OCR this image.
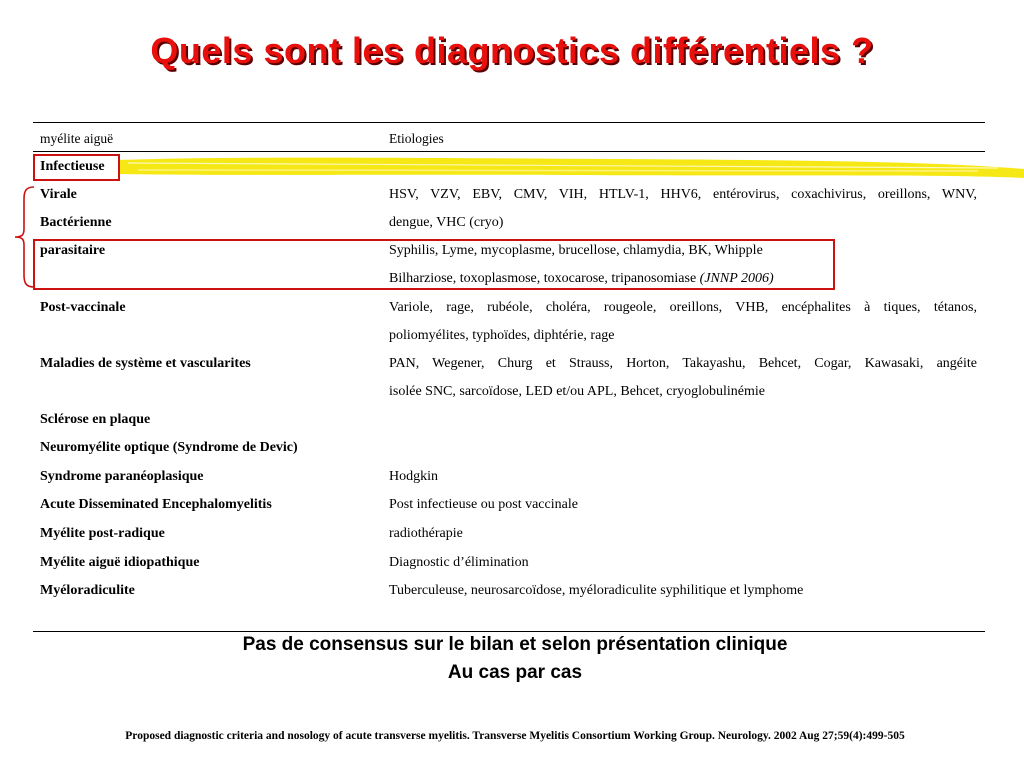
Quels sont les diagnostics différentiels ?
myélite aiguë	Etiologies
Infectieuse
Virale	HSV, VZV, EBV, CMV, VIH, HTLV-1, HHV6, entérovirus, coxachivirus, oreillons, WNV,
Bactérienne	dengue, VHC (cryo)
parasitaire	Syphilis, Lyme, mycoplasme, brucellose, chlamydia, BK, Whipple
Bilharziose, toxoplasmose, toxocarose, tripanosomiase (JNNP 2006)
Post-vaccinale	Variole, rage, rubéole, choléra, rougeole, oreillons, VHB, encéphalites à tiques, tétanos,
poliomyélites, typhoïdes, diphtérie, rage
Maladies de système et vascularites	PAN, Wegener, Churg et Strauss, Horton, Takayashu, Behcet, Cogar, Kawasaki, angéite
isolée SNC, sarcoïdose, LED et/ou APL, Behcet, cryoglobulinémie
Sclérose en plaque
Neuromyélite optique (Syndrome de Devic)
Syndrome paranéoplasique	Hodgkin
Acute Disseminated Encephalomyelitis	Post infectieuse ou post vaccinale
Myélite post-radique	radiothérapie
Myélite aiguë idiopathique	Diagnostic d’élimination
Myéloradiculite	Tuberculeuse, neurosarcoïdose, myéloradiculite syphilitique et lymphome
Pas de consensus sur le bilan et selon présentation clinique
Au cas par cas
Proposed diagnostic criteria and nosology of acute transverse myelitis. Transverse Myelitis Consortium Working Group. Neurology. 2002 Aug 27;59(4):499-505
